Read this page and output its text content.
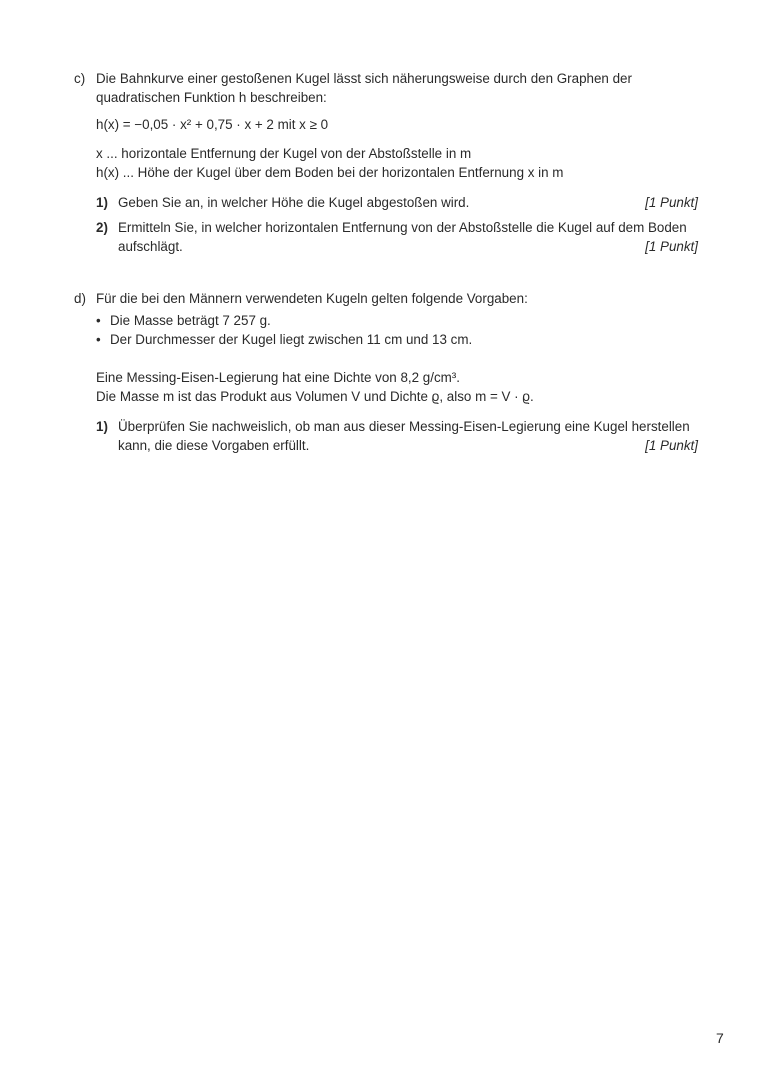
c) Die Bahnkurve einer gestoßenen Kugel lässt sich näherungsweise durch den Graphen der quadratischen Funktion h beschreiben:

h(x) = −0,05 · x² + 0,75 · x + 2 mit x ≥ 0

x ... horizontale Entfernung der Kugel von der Abstoßstelle in m

h(x) ... Höhe der Kugel über dem Boden bei der horizontalen Entfernung x in m

1) Geben Sie an, in welcher Höhe die Kugel abgestoßen wird.	[1 Punkt]
2) Ermitteln Sie, in welcher horizontalen Entfernung von der Abstoßstelle die Kugel auf dem Boden aufschlägt.	[1 Punkt]
d) Für die bei den Männern verwendeten Kugeln gelten folgende Vorgaben:

• Die Masse beträgt 7 257 g.
• Der Durchmesser der Kugel liegt zwischen 11 cm und 13 cm.

Eine Messing-Eisen-Legierung hat eine Dichte von 8,2 g/cm³.

Die Masse m ist das Produkt aus Volumen V und Dichte ϱ, also m = V · ϱ.

1) Überprüfen Sie nachweislich, ob man aus dieser Messing-Eisen-Legierung eine Kugel herstellen kann, die diese Vorgaben erfüllt.	[1 Punkt]
7
